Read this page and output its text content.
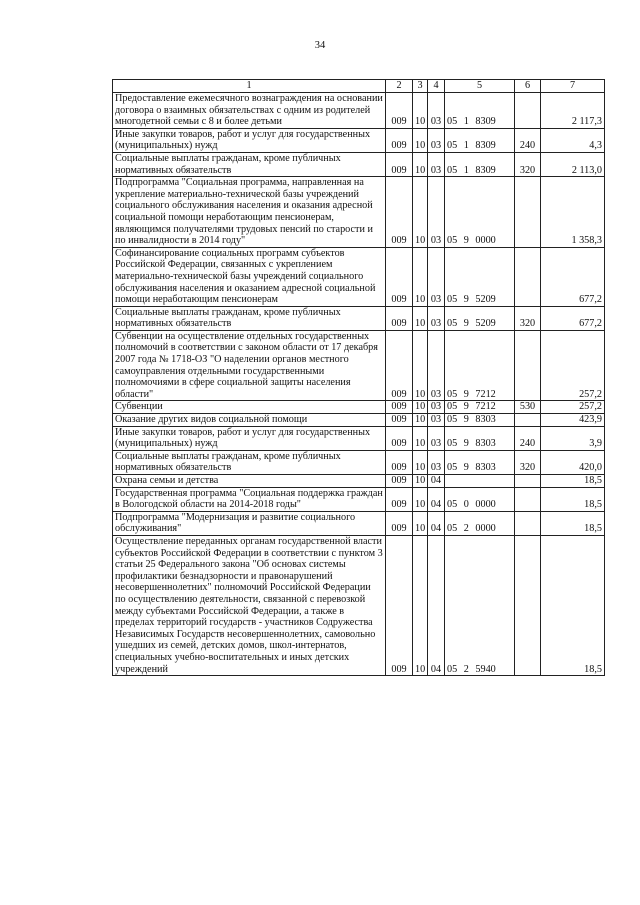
34
1	2	3	4	5	6	7
Предоставление ежемесячного вознаграждения на основании договора о взаимных обязательствах с одним из родителей многодетной семьи с 8 и более детьми	009	10	03	05 1 8309		2 117,3
Иные закупки товаров, работ и услуг для государственных (муниципальных) нужд	009	10	03	05 1 8309	240	4,3
Социальные выплаты гражданам, кроме публичных нормативных обязательств	009	10	03	05 1 8309	320	2 113,0
Подпрограмма "Социальная программа, направленная на укрепление материально-технической базы учреждений социального обслуживания населения и оказания адресной социальной помощи неработающим пенсионерам, являющимся получателями трудовых пенсий по старости и по инвалидности в 2014 году"	009	10	03	05 9 0000		1 358,3
Софинансирование социальных программ субъектов Российской Федерации, связанных с укреплением материально-технической базы учреждений социального обслуживания населения и оказанием адресной социальной помощи неработающим пенсионерам	009	10	03	05 9 5209		677,2
Социальные выплаты гражданам, кроме публичных нормативных обязательств	009	10	03	05 9 5209	320	677,2
Субвенции на осуществление отдельных государственных полномочий в соответствии с законом области от 17 декабря 2007 года № 1718-ОЗ "О наделении органов местного самоуправления отдельными государственными полномочиями в сфере социальной защиты населения области"	009	10	03	05 9 7212		257,2
Субвенции	009	10	03	05 9 7212	530	257,2
Оказание других видов социальной помощи	009	10	03	05 9 8303		423,9
Иные закупки товаров, работ и услуг для государственных (муниципальных) нужд	009	10	03	05 9 8303	240	3,9
Социальные выплаты гражданам, кроме публичных нормативных обязательств	009	10	03	05 9 8303	320	420,0
Охрана семьи и детства	009	10	04			18,5
Государственная программа "Социальная поддержка граждан в Вологодской области на 2014-2018 годы"	009	10	04	05 0 0000		18,5
Подпрограмма "Модернизация и развитие социального обслуживания"	009	10	04	05 2 0000		18,5
Осуществление переданных органам государственной власти субъектов Российской Федерации в соответствии с пунктом 3 статьи 25 Федерального закона "Об основах системы профилактики безнадзорности и правонарушений несовершеннолетних" полномочий Российской Федерации по осуществлению деятельности, связанной с перевозкой между субъектами Российской Федерации, а также в пределах территорий государств - участников Содружества Независимых Государств несовершеннолетних, самовольно ушедших из семей, детских домов, школ-интернатов, специальных учебно-воспитательных и иных детских учреждений	009	10	04	05 2 5940		18,5
